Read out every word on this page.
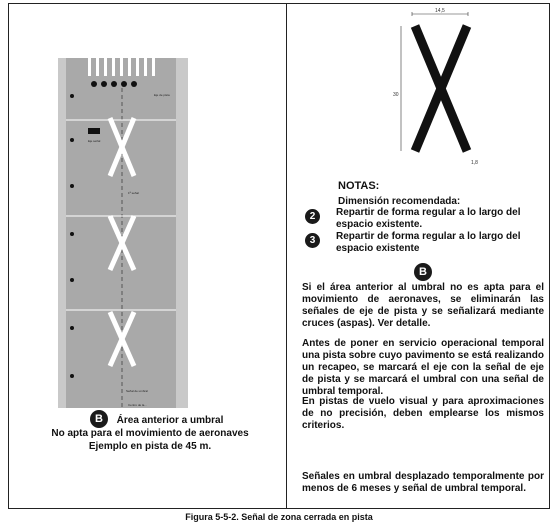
Eje de pista
1ª señal
Eje señal
Señal de umbral
Centro de la...
14,5
30
1,8
NOTAS:
Dimensión recomendada:
2	Repartir de forma regular a lo largo del espacio existente.
3	Repartir de forma regular a lo largo del espacio existente
B
Si el área anterior al umbral no es apta para el movimiento de aeronaves, se eliminarán las señales de eje de pista y se señalizará mediante cruces (aspas). Ver detalle.
Antes de poner en servicio operacional temporal una pista sobre cuyo pavimento se está realizando un recapeo, se marcará el eje con la señal de eje de pista y se marcará el umbral con una señal de umbral temporal.
En pistas de vuelo visual y para aproximaciones de no precisión, deben emplearse los mismos criterios.
Señales en umbral desplazado temporalmente por menos de 6 meses y señal de umbral temporal.
B	Área anterior a umbral
No apta para el movimiento de aeronaves
Ejemplo en pista de 45 m.
Figura 5-5-2. Señal de zona cerrada en pista
